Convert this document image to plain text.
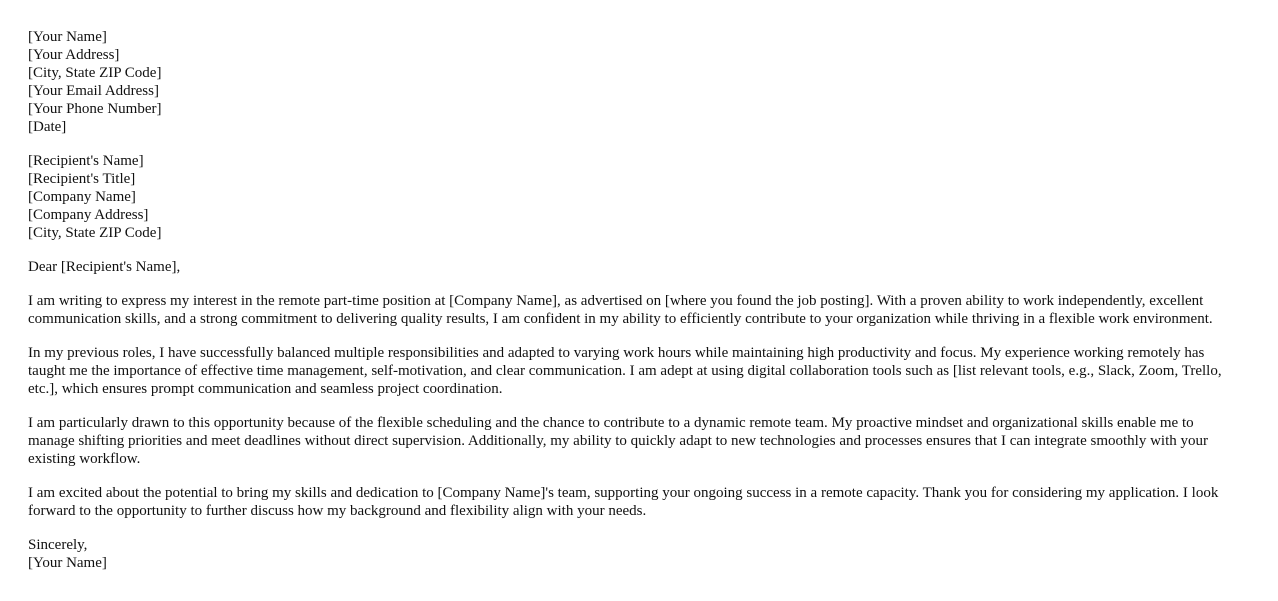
[Your Name]
[Your Address]
[City, State ZIP Code]
[Your Email Address]
[Your Phone Number]
[Date]
[Recipient's Name]
[Recipient's Title]
[Company Name]
[Company Address]
[City, State ZIP Code]

Dear [Recipient's Name],

I am writing to express my interest in the remote part-time position at [Company Name], as advertised on [where you found the job posting]. With a proven ability to work independently, excellent communication skills, and a strong commitment to delivering quality results, I am confident in my ability to efficiently contribute to your organization while thriving in a flexible work environment.

In my previous roles, I have successfully balanced multiple responsibilities and adapted to varying work hours while maintaining high productivity and focus. My experience working remotely has taught me the importance of effective time management, self-motivation, and clear communication. I am adept at using digital collaboration tools such as [list relevant tools, e.g., Slack, Zoom, Trello, etc.], which ensures prompt communication and seamless project coordination.

I am particularly drawn to this opportunity because of the flexible scheduling and the chance to contribute to a dynamic remote team. My proactive mindset and organizational skills enable me to manage shifting priorities and meet deadlines without direct supervision. Additionally, my ability to quickly adapt to new technologies and processes ensures that I can integrate smoothly with your existing workflow.

I am excited about the potential to bring my skills and dedication to [Company Name]'s team, supporting your ongoing success in a remote capacity. Thank you for considering my application. I look forward to the opportunity to further discuss how my background and flexibility align with your needs.

Sincerely,
[Your Name]
